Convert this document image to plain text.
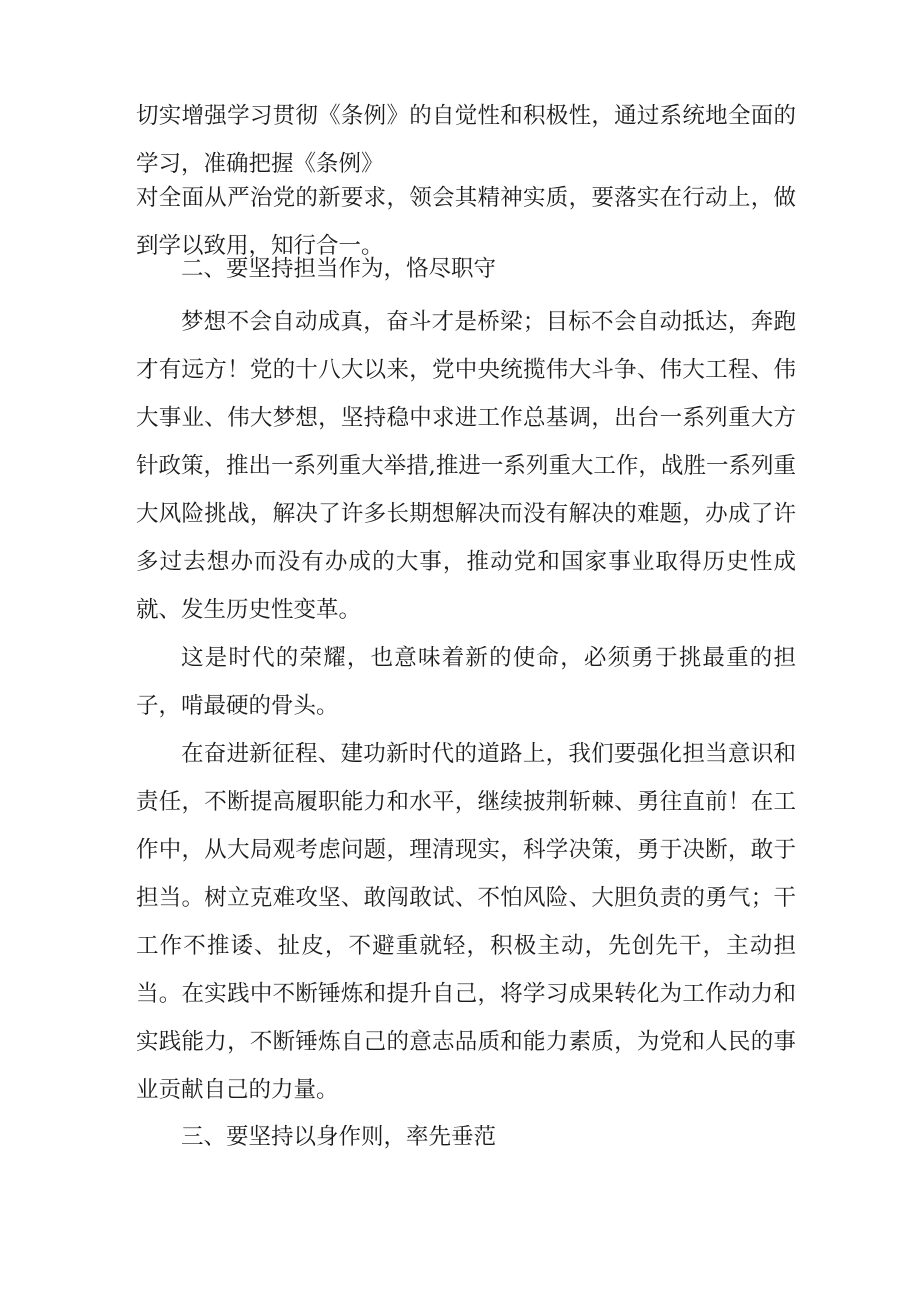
切实增强学习贯彻《条例》的自觉性和积极性，通过系统地全面的学习，准确把握《条例》

对全面从严治党的新要求，领会其精神实质，要落实在行动上，做到学以致用，知行合一。

二、要坚持担当作为，恪尽职守

梦想不会自动成真，奋斗才是桥梁；目标不会自动抵达，奔跑才有远方！党的十八大以来，党中央统揽伟大斗争、伟大工程、伟大事业、伟大梦想，坚持稳中求进工作总基调，出台一系列重大方针政策，推出一系列重大举措,推进一系列重大工作，战胜一系列重大风险挑战，解决了许多长期想解决而没有解决的难题，办成了许多过去想办而没有办成的大事，推动党和国家事业取得历史性成就、发生历史性变革。

这是时代的荣耀，也意味着新的使命，必须勇于挑最重的担子，啃最硬的骨头。

在奋进新征程、建功新时代的道路上，我们要强化担当意识和责任，不断提高履职能力和水平，继续披荆斩棘、勇往直前！在工作中，从大局观考虑问题，理清现实，科学决策，勇于决断，敢于担当。树立克难攻坚、敢闯敢试、不怕风险、大胆负责的勇气；干工作不推诿、扯皮，不避重就轻，积极主动，先创先干，主动担当。在实践中不断锤炼和提升自己，将学习成果转化为工作动力和实践能力，不断锤炼自己的意志品质和能力素质，为党和人民的事业贡献自己的力量。

三、要坚持以身作则，率先垂范
